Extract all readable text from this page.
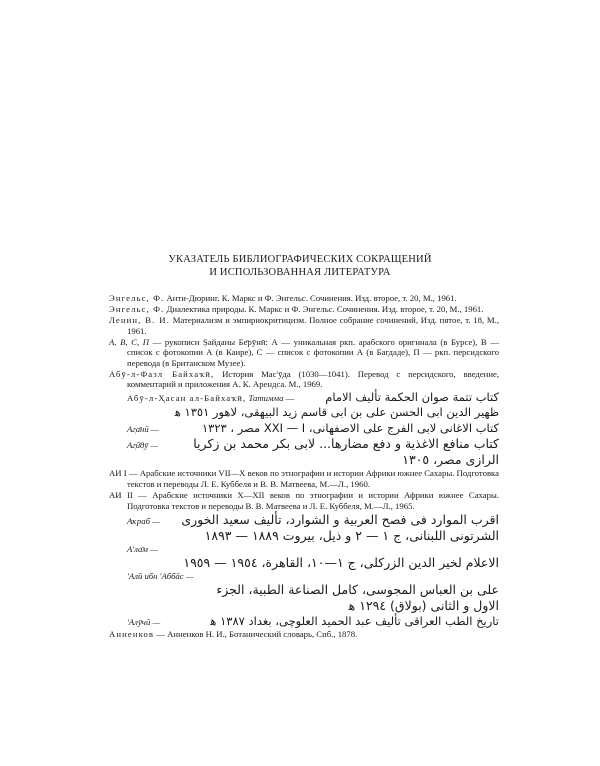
УКАЗАТЕЛЬ БИБЛИОГРАФИЧЕСКИХ СОКРАЩЕНИЙ
И ИСПОЛЬЗОВАННАЯ ЛИТЕРАТУРА

Энгельс, Ф. Анти-Дюринг. К. Маркс и Ф. Энгельс. Сочинения. Изд. второе, т. 20, М., 1961.

Энгельс, Ф. Диалектика природы. К. Маркс и Ф. Энгельс. Сочинения. Изд. второе, т. 20, М., 1961.

Ленин, В. И. Материализм и эмпириокритицизм. Полное собрание сочинений, Изд. пятое, т. 18, М., 1961.

А, В, С, П — рукописи Ṣайданы Бе̄рӯнӣ: А — уникальная ркп. арабского оригинала (в Бурсе), В — список с фотокопии А (в Каире), С — список с фотокопии А (в Багдаде), П — ркп. персидского перевода (в Британском Музее).

Абӯ-л-Фазл Байхаҡӣ, История Мас'ӯда (1030—1041). Перевод с персидского, введение, комментарий и приложения А. К. Арендса. М., 1969.

Абӯ-л-Ҳасан ал-Байхаҡӣ, Татимма —	كتاب تتمة صوان الحكمة تأليف الامام
ظهير الدين ابى الحسن على بن ابى قاسم زيد البيهقى، لاهور ١٣٥١ ﻫ
Аг̣а̄нӣ —	كتاب الاغانى لابى الفرج على الاصفهانى، XXI — I مصر ، ١٣٢٣
Аг̣ӣ̄дӯ —	كتاب منافع الاغذية و دفع مضارها... لابى بكر محمد بن زكريا
الرازى مصر، ١٣٠٥

АИ I — Арабские источники VII—X веков по этнографии и истории Африки южнее Сахары. Подготовка текстов и переводы Л. Е. Куббеля и В. В. Матвеева, М.—Л., 1960.

АИ II — Арабские источники X—XII веков по этнографии и истории Африки южнее Сахары. Подготовка текстов и переводы В. В. Матвеева и Л. Е. Куббеля, М.—Л., 1965.

Аҡраб —	اقرب الموارد فى فصح العربية و الشوارد، تأليف سعيد الخورى
الشرتونى اللبنانى، ج ١ — ٢ و ذيل، بيروت ١٨٨٩ — ١٨٩٣
А'ла̄м —
الاعلام لخير الدين الزركلى، ج ١—١٠، القاهرة، ١٩٥٤ — ١٩٥٩
'Алӣ ибн 'Аббāс —
على بن العباس المجوسى، كامل الصناعة الطبية، الجزء
الاول و الثانى (بولاق) ١٢٩٤ ﻫ
'Алӯчӣ —	تاريخ الطب العراقى تأليف عبد الحميد العلوچى، بغداد ١٣٨٧ ﻫ

Анненков — Анненков Н. И., Ботанический словарь, Спб., 1878.
